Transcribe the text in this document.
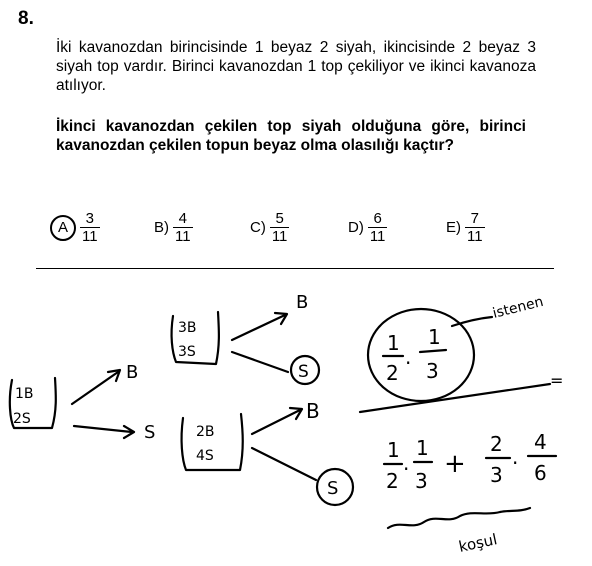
8.
İki kavanozdan birincisinde 1 beyaz 2 siyah, ikincisinde 2 beyaz 3 siyah top vardır. Birinci kavanozdan 1 top çekiliyor ve ikinci kavanoza atılıyor.
İkinci kavanozdan çekilen top siyah olduğuna göre, birinci kavanozdan çekilen topun beyaz olma olasılığı kaçtır?
A $\frac{3}{11}$	$B) \frac{4}{11}$	$C) \frac{5}{11}$	$D) \frac{6}{11}$	$E) \frac{7}{11}$
1B
2S
B
S
3B
3S
2B
4S
B
S
B
S
istenen
1
2 ·
1
3	=
1
2 ·
1
3
+
2
3 ·
4
6
koşul
